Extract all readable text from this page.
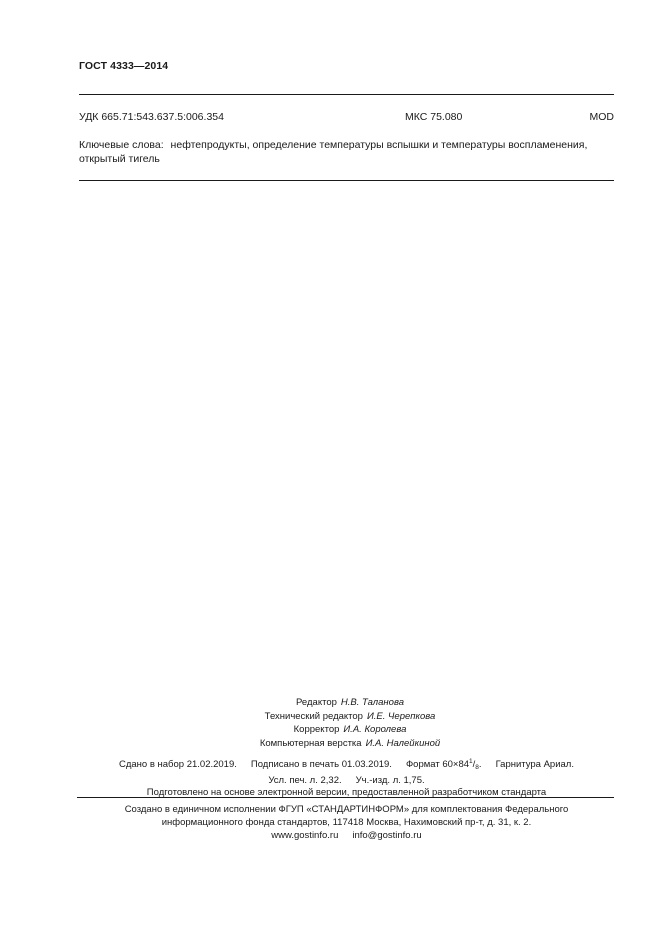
ГОСТ 4333—2014
УДК 665.71:543.637.5:006.354	МКС 75.080	MOD
Ключевые слова: нефтепродукты, определение температуры вспышки и температуры воспламенения, открытый тигель
Редактор Н.В. Таланова
Технический редактор И.Е. Черепкова
Корректор И.А. Королева
Компьютерная верстка И.А. Налейкиной
Сдано в набор 21.02.2019. Подписано в печать 01.03.2019. Формат $60\times 84^1/_8$. Гарнитура Ариал.
Усл. печ. л. 2,32. Уч.-изд. л. 1,75.
Подготовлено на основе электронной версии, предоставленной разработчиком стандарта
Создано в единичном исполнении ФГУП «СТАНДАРТИНФОРМ» для комплектования Федерального
информационного фонда стандартов, 117418 Москва, Нахимовский пр-т, д. 31, к. 2.
www.gostinfo.ru info@gostinfo.ru
